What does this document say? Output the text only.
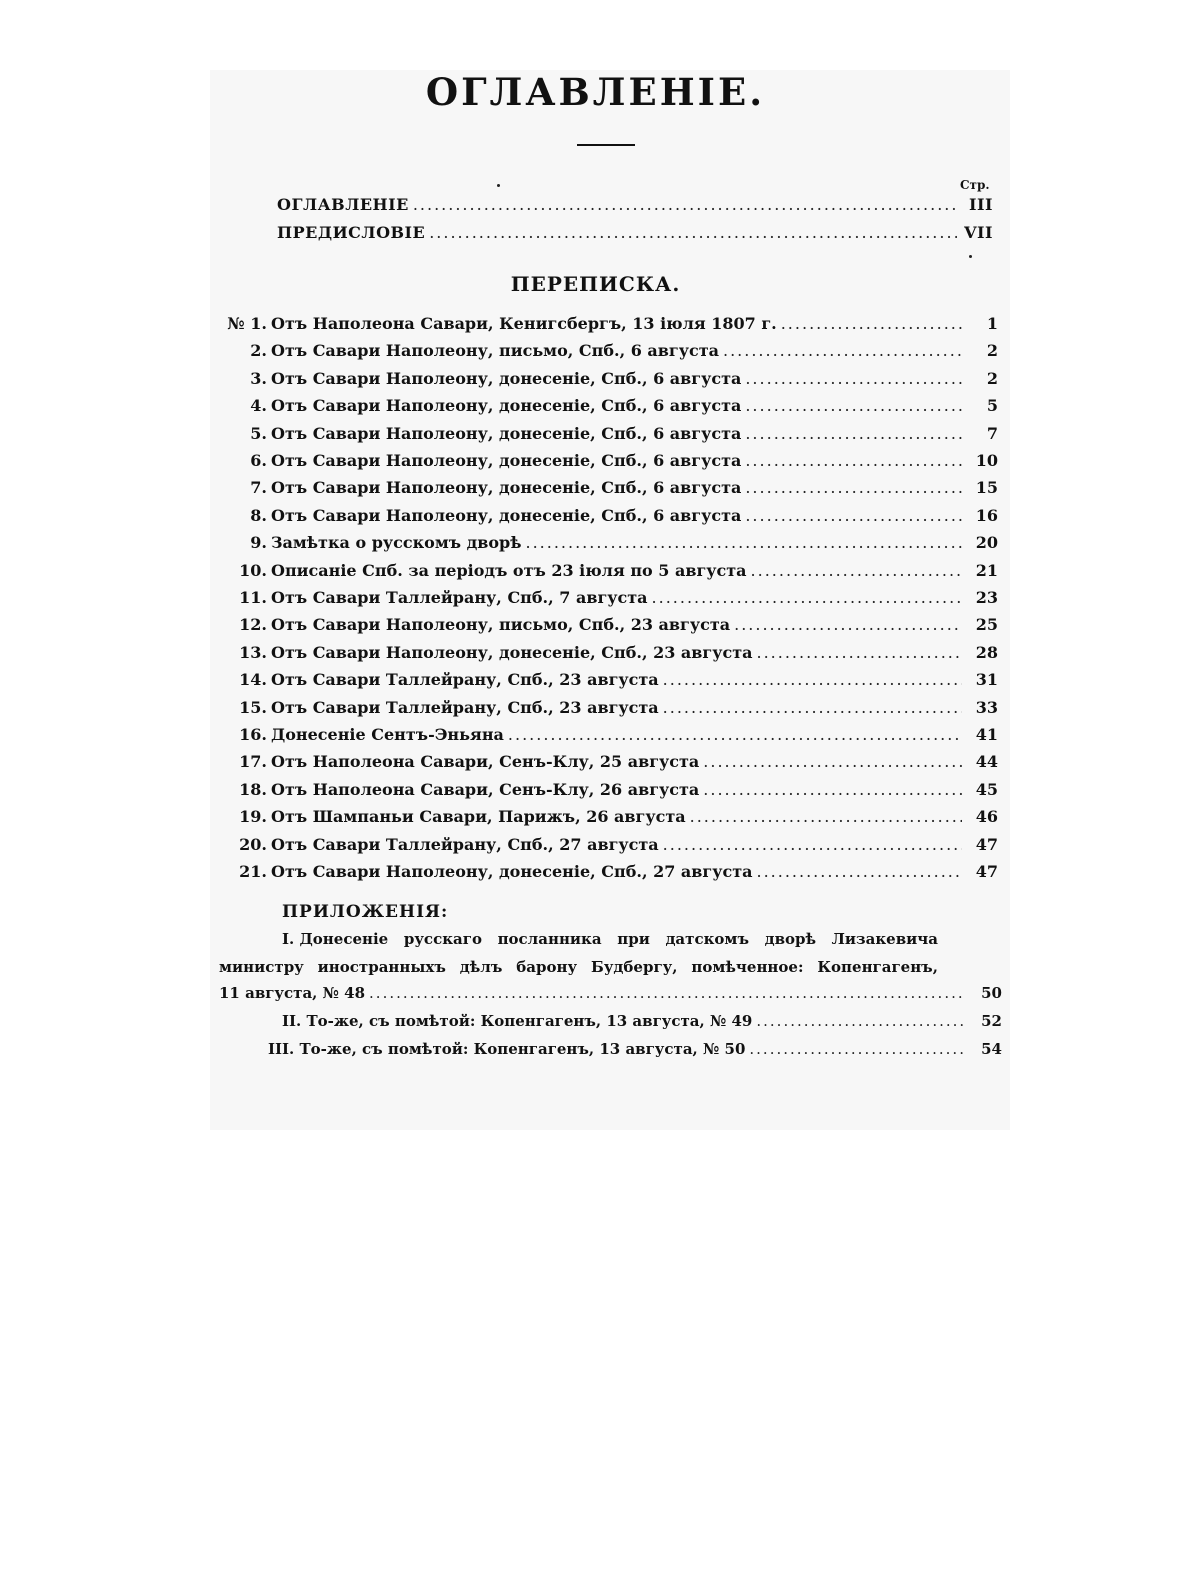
ОГЛАВЛЕНІЕ.
Стр.
ОГЛАВЛЕНІЕ .....	III
ПРЕДИСЛОВІЕ .....	VII
ПЕРЕПИСКА.
№ 1. Отъ Наполеона Савари, Кенигсбергъ, 13 іюля 1807 г. .....	1
2. Отъ Савари Наполеону, письмо, Спб., 6 августа .....	2
3. Отъ Савари Наполеону, донесеніе, Спб., 6 августа .....	2
4. Отъ Савари Наполеону, донесеніе, Спб., 6 августа .....	5
5. Отъ Савари Наполеону, донесеніе, Спб., 6 августа .....	7
6. Отъ Савари Наполеону, донесеніе, Спб., 6 августа .....	10
7. Отъ Савари Наполеону, донесеніе, Спб., 6 августа .....	15
8. Отъ Савари Наполеону, донесеніе, Спб., 6 августа .....	16
9. Замѣтка о русскомъ дворѣ .....	20
10. Описаніе Спб. за періодъ отъ 23 іюля по 5 августа .....	21
11. Отъ Савари Таллейрану, Спб., 7 августа .....	23
12. Отъ Савари Наполеону, письмо, Спб., 23 августа .....	25
13. Отъ Савари Наполеону, донесеніе, Спб., 23 августа .....	28
14. Отъ Савари Таллейрану, Спб., 23 августа .....	31
15. Отъ Савари Таллейрану, Спб., 23 августа .....	33
16. Донесеніе Сентъ-Эньяна .....	41
17. Отъ Наполеона Савари, Сенъ-Клу, 25 августа .....	44
18. Отъ Наполеона Савари, Сенъ-Клу, 26 августа .....	45
19. Отъ Шампаньи Савари, Парижъ, 26 августа .....	46
20. Отъ Савари Таллейрану, Спб., 27 августа .....	47
21. Отъ Савари Наполеону, донесеніе, Спб., 27 августа .....	47
ПРИЛОЖЕНІЯ:
I. Донесеніе русскаго посланника при датскомъ дворѣ Лизакевича
министру иностранныхъ дѣлъ барону Будбергу, помѣченное: Копенгагенъ,
11 августа, № 48 .....	50
II. То-же, съ помѣтой: Копенгагенъ, 13 августа, № 49 .....	52
III. То-же, съ помѣтой: Копенгагенъ, 13 августа, № 50 .....	54
